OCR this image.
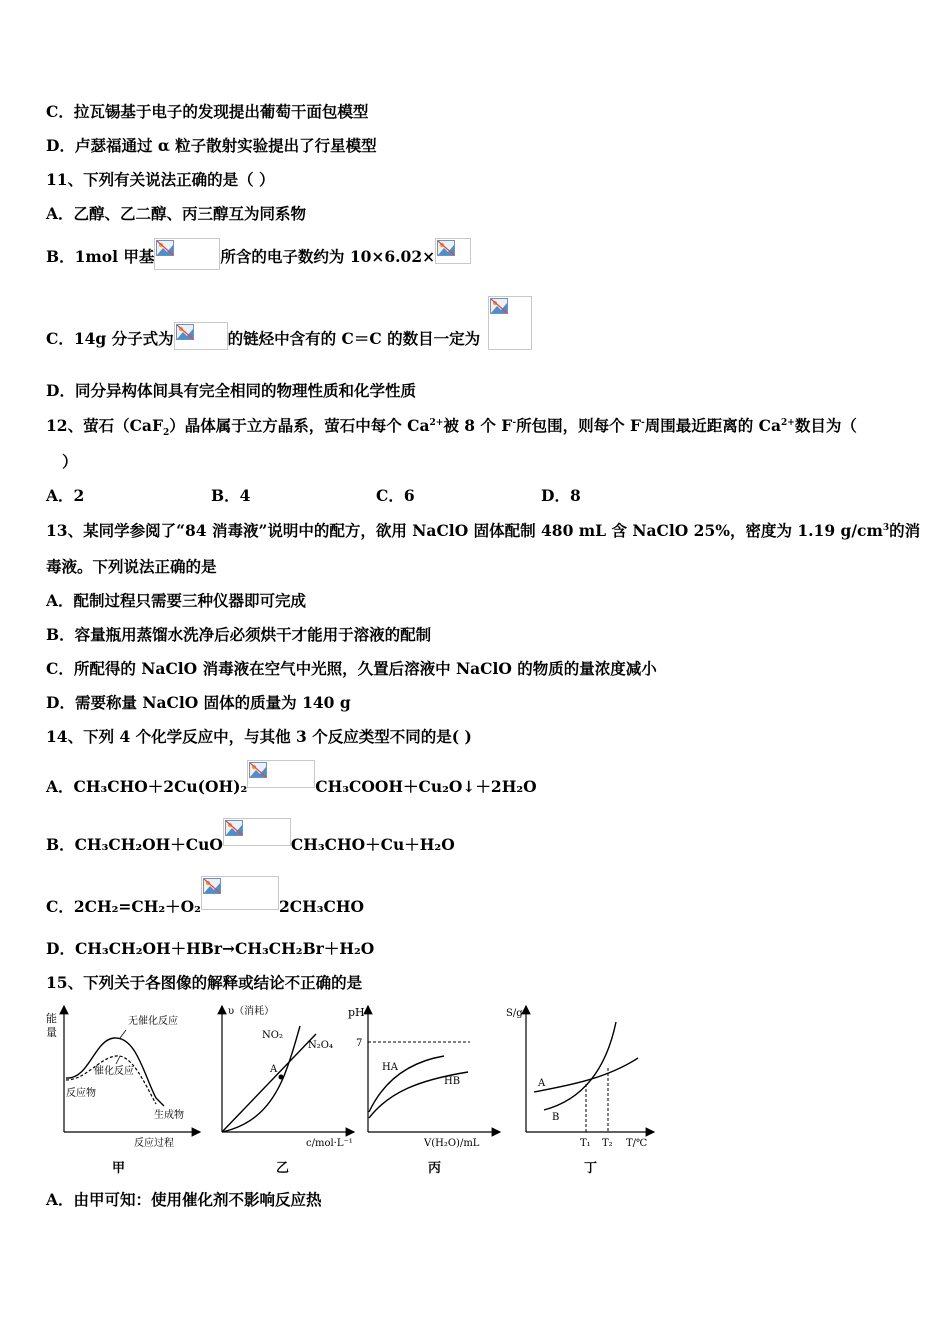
C．拉瓦锡基于电子的发现提出葡萄干面包模型
D．卢瑟福通过 α 粒子散射实验提出了行星模型
11、下列有关说法正确的是（ ）
A．乙醇、乙二醇、丙三醇互为同系物
B．1mol 甲基	所含的电子数约为 10×6.02×
C．14g 分子式为	的链烃中含有的 C＝C 的数目一定为
D．同分异构体间具有完全相同的物理性质和化学性质
12、萤石（CaF$_2$）晶体属于立方晶系，萤石中每个 $Ca^{2+}$被 8 个 F-所包围，则每个 F-周围最近距离的 $Ca^{2+}$数目为（
）
A．2	B．4	C．6	D．8
13、某同学参阅了“84 消毒液”说明中的配方，欲用 NaClO 固体配制 480 mL 含 NaClO 25%，密度为 1.19 $g/cm^3$的消
毒液。下列说法正确的是
A．配制过程只需要三种仪器即可完成
B．容量瓶用蒸馏水洗净后必须烘干才能用于溶液的配制
C．所配得的 NaClO 消毒液在空气中光照，久置后溶液中 NaClO 的物质的量浓度减小
D．需要称量 NaClO 固体的质量为 140 g
14、下列 4 个化学反应中，与其他 3 个反应类型不同的是( )
A．CH₃CHO＋2Cu(OH)₂	CH₃COOH＋Cu₂O↓＋2H₂O
B．CH₃CH₂OH＋CuO	CH₃CHO＋Cu＋H₂O
C．2CH₂=CH₂＋O₂	2CH₃CHO
D．CH₃CH₂OH＋HBr→CH₃CH₂Br＋H₂O
15、下列关于各图像的解释或结论不正确的是
能
量
无催化反应
催化反应
反应物
生成物
反应过程
甲
υ（消耗）
A
NO₂
N₂O₄
c/mol·L⁻¹
乙
pH
7
HA
HB
V(H₂O)/mL
丙
S/g
A
B
T₁ T₂ T/℃
丁
A．由甲可知：使用催化剂不影响反应热
